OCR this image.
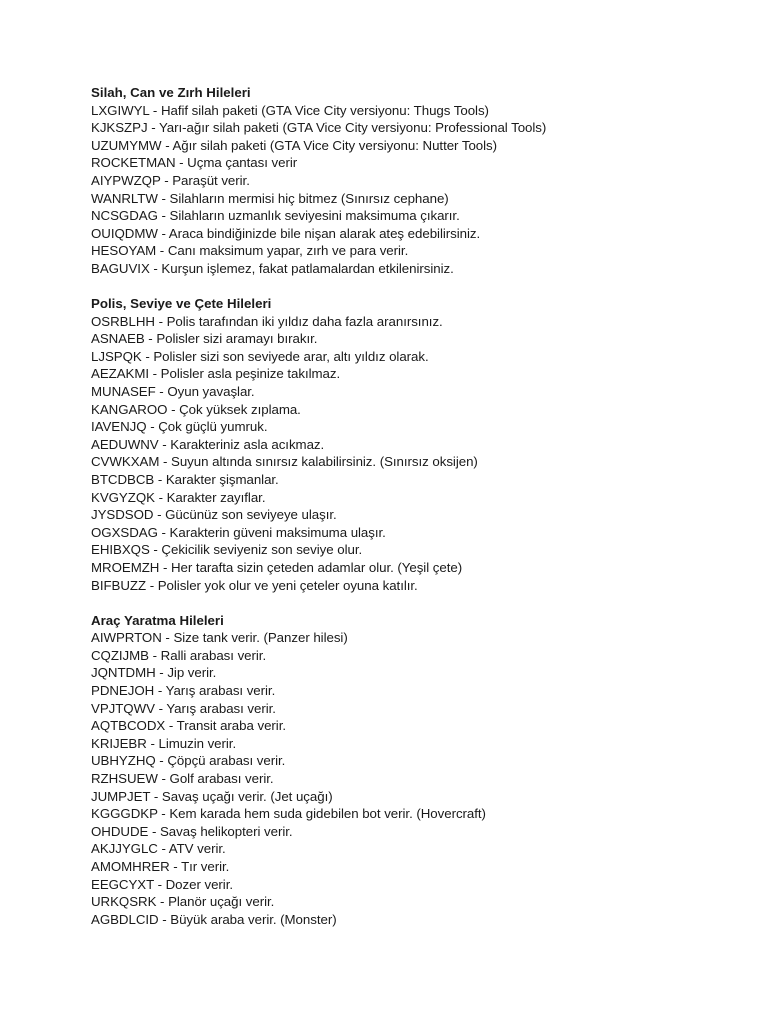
Silah, Can ve Zırh Hileleri
LXGIWYL - Hafif silah paketi (GTA Vice City versiyonu: Thugs Tools)
KJKSZPJ - Yarı-ağır silah paketi (GTA Vice City versiyonu: Professional Tools)
UZUMYMW - Ağır silah paketi (GTA Vice City versiyonu: Nutter Tools)
ROCKETMAN - Uçma çantası verir
AIYPWZQP - Paraşüt verir.
WANRLTW - Silahların mermisi hiç bitmez (Sınırsız cephane)
NCSGDAG - Silahların uzmanlık seviyesini maksimuma çıkarır.
OUIQDMW - Araca bindiğinizde bile nişan alarak ateş edebilirsiniz.
HESOYAM - Canı maksimum yapar, zırh ve para verir.
BAGUVIX - Kurşun işlemez, fakat patlamalardan etkilenirsiniz.
Polis, Seviye ve Çete Hileleri
OSRBLHH - Polis tarafından iki yıldız daha fazla aranırsınız.
ASNAEB - Polisler sizi aramayı bırakır.
LJSPQK - Polisler sizi son seviyede arar, altı yıldız olarak.
AEZAKMI - Polisler asla peşinize takılmaz.
MUNASEF - Oyun yavaşlar.
KANGAROO - Çok yüksek zıplama.
IAVENJQ - Çok güçlü yumruk.
AEDUWNV - Karakteriniz asla acıkmaz.
CVWKXAM - Suyun altında sınırsız kalabilirsiniz. (Sınırsız oksijen)
BTCDBCB - Karakter şişmanlar.
KVGYZQK - Karakter zayıflar.
JYSDSOD - Gücünüz son seviyeye ulaşır.
OGXSDAG - Karakterin güveni maksimuma ulaşır.
EHIBXQS - Çekicilik seviyeniz son seviye olur.
MROEMZH - Her tarafta sizin çeteden adamlar olur. (Yeşil çete)
BIFBUZZ - Polisler yok olur ve yeni çeteler oyuna katılır.
Araç Yaratma Hileleri
AIWPRTON - Size tank verir. (Panzer hilesi)
CQZIJMB - Ralli arabası verir.
JQNTDMH - Jip verir.
PDNEJOH - Yarış arabası verir.
VPJTQWV - Yarış arabası verir.
AQTBCODX - Transit araba verir.
KRIJEBR - Limuzin verir.
UBHYZHQ - Çöpçü arabası verir.
RZHSUEW - Golf arabası verir.
JUMPJET - Savaş uçağı verir. (Jet uçağı)
KGGGDKP - Kem karada hem suda gidebilen bot verir. (Hovercraft)
OHDUDE - Savaş helikopteri verir.
AKJJYGLC - ATV verir.
AMOMHRER - Tır verir.
EEGCYXT - Dozer verir.
URKQSRK - Planör uçağı verir.
AGBDLCID - Büyük araba verir. (Monster)
